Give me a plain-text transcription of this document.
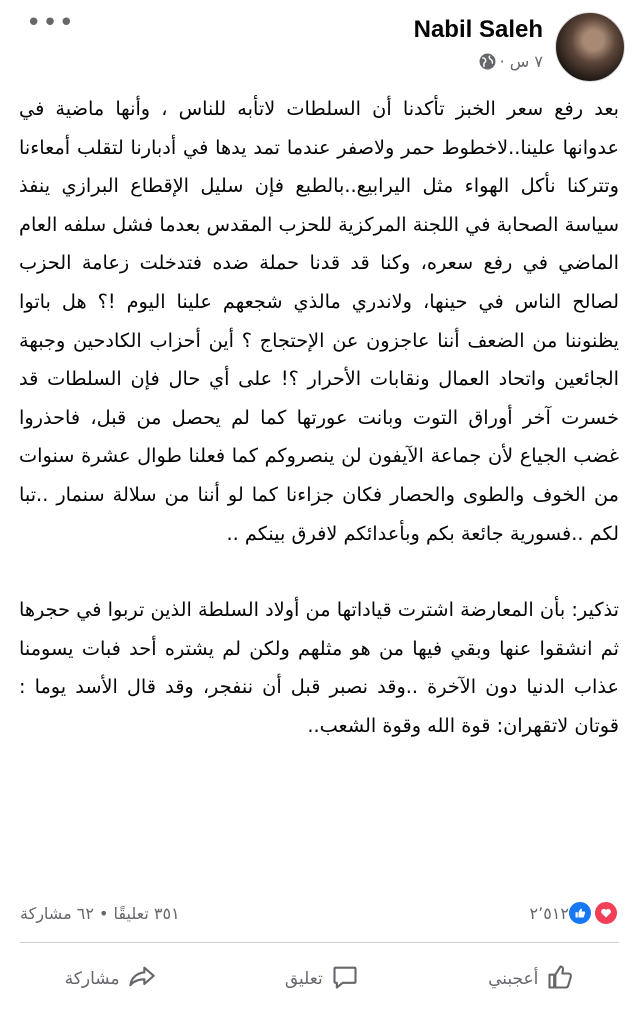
•••	Nabil Saleh
٧ س ·

بعد رفع سعر الخبز تأكدنا أن السلطات لاتأبه للناس ، وأنها ماضية في عدوانها علينا..لاخطوط حمر ولاصفر عندما تمد يدها في أدبارنا لتقلب أمعاءنا وتتركنا نأكل الهواء مثل اليرابيع..بالطبع فإن سليل الإقطاع البرازي ينفذ سياسة الصحابة في اللجنة المركزية للحزب المقدس بعدما فشل سلفه العام الماضي في رفع سعره، وكنا قد قدنا حملة ضده فتدخلت زعامة الحزب لصالح الناس في حينها، ولاندري مالذي شجعهم علينا اليوم !؟ هل باتوا يظنوننا من الضعف أننا عاجزون عن الإحتجاج ؟ أين أحزاب الكادحين وجبهة الجائعين واتحاد العمال ونقابات الأحرار ؟! على أي حال فإن السلطات قد خسرت آخر أوراق التوت وبانت عورتها كما لم يحصل من قبل، فاحذروا غضب الجياع لأن جماعة الآيفون لن ينصروكم كما فعلنا طوال عشرة سنوات من الخوف والطوى والحصار فكان جزاءنا كما لو أننا من سلالة سنمار ..تبا لكم ..فسورية جائعة بكم وبأعدائكم لافرق بينكم ..

تذكير: بأن المعارضة اشترت قياداتها من أولاد السلطة الذين تربوا في حجرها ثم انشقوا عنها وبقي فيها من هو مثلهم ولكن لم يشتره أحد فبات يسومنا عذاب الدنيا دون الآخرة ..وقد نصبر قبل أن ننفجر، وقد قال الأسد يوما : قوتان لاتقهران: قوة الله وقوة الشعب..

٢٬٥١٢
٣٥١ تعليقًا • ٦٢ مشاركة
أعجبني
تعليق
مشاركة
